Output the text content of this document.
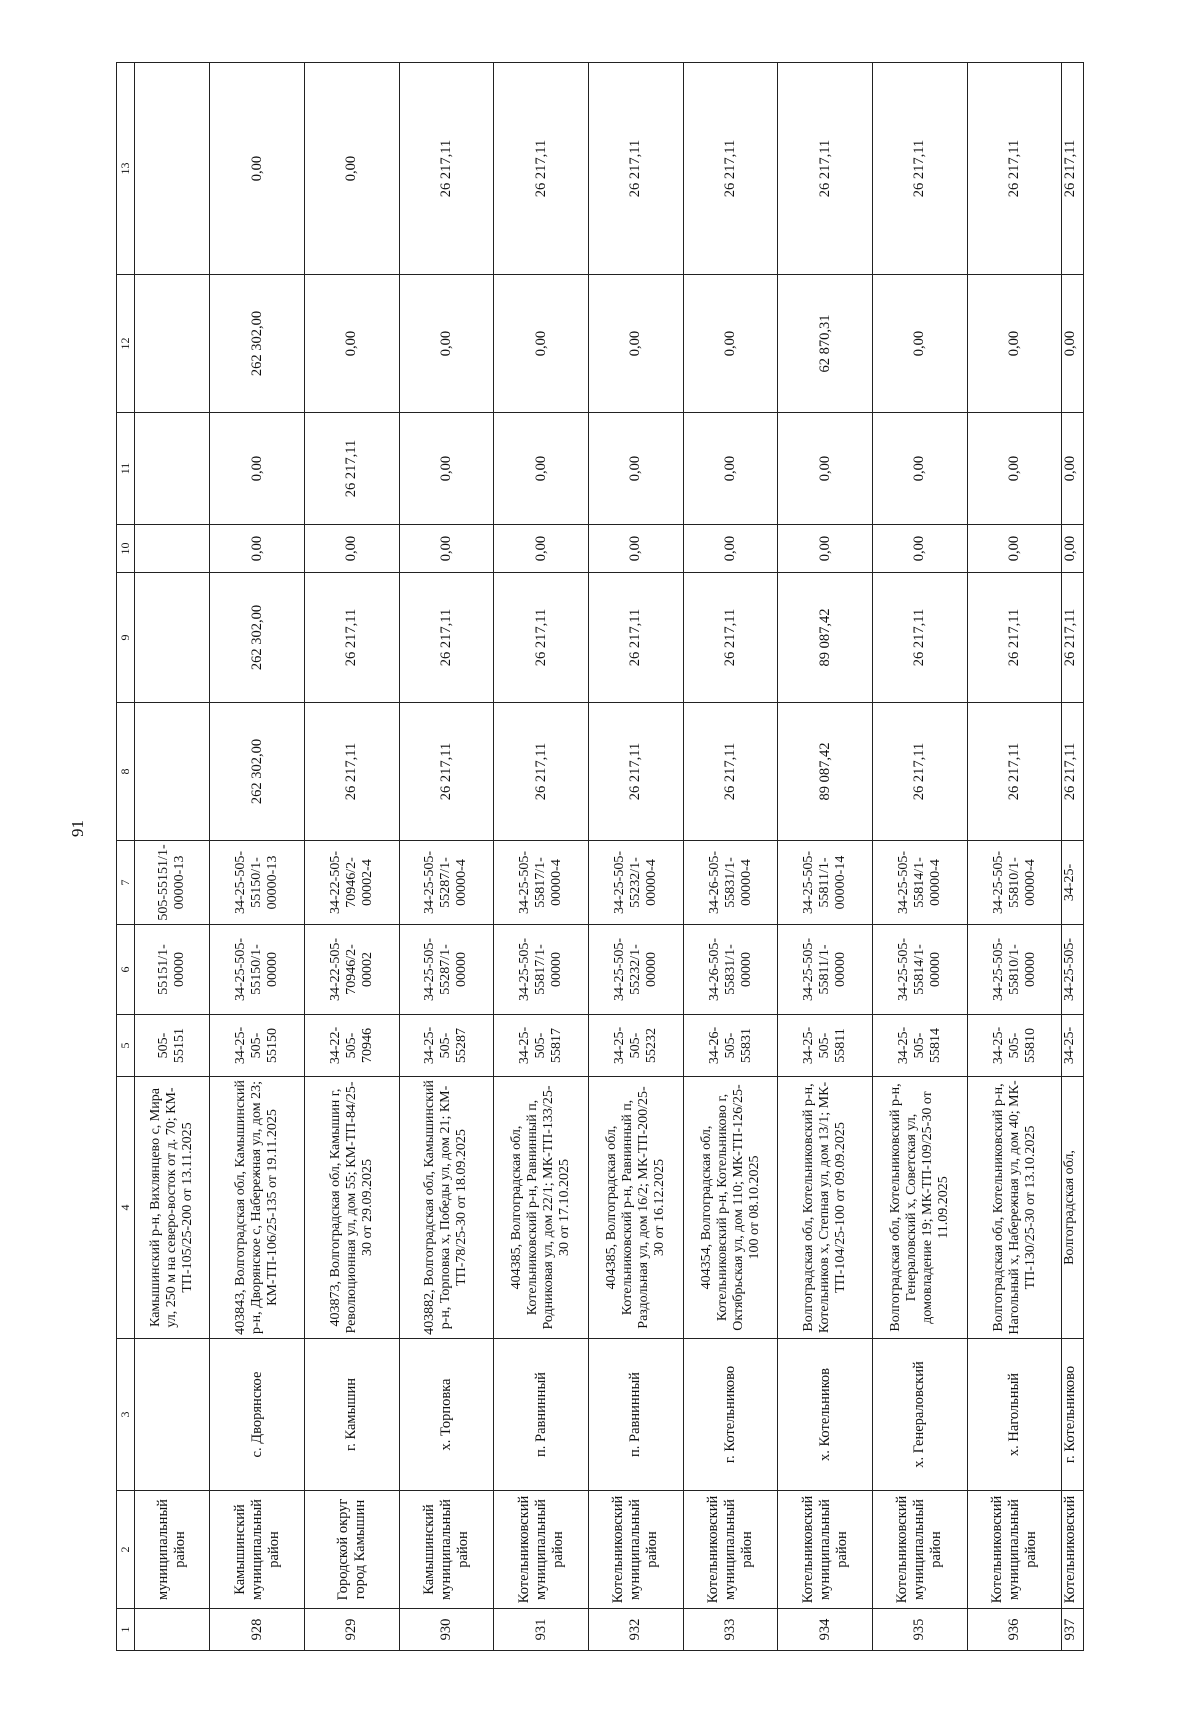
91
1	2	3	4	5	6	7	8	9	10	11	12	13
	муниципальный район		Камышинский р-н, Вихлянцево с, Мира ул, 250 м на северо-восток от д. 70; КМ-ТП-105/25-200 от 13.11.2025	505-55151	55151/1-00000	505-55151/1-00000-13						
928	Камышинский муниципальный район	с. Дворянское	403843, Волгоградская обл, Камышинский р-н, Дворянское с, Набережная ул, дом 23; КМ-ТП-106/25-135 от 19.11.2025	34-25-505-55150	34-25-505-55150/1-00000	34-25-505-55150/1-00000-13	262 302,00	262 302,00	0,00	0,00	262 302,00	0,00
929	Городской округ город Камышин	г. Камышин	403873, Волгоградская обл, Камышин г, Революционная ул, дом 55; КМ-ТП-84/25-30 от 29.09.2025	34-22-505-70946	34-22-505-70946/2-00002	34-22-505-70946/2-00002-4	26 217,11	26 217,11	0,00	26 217,11	0,00	0,00
930	Камышинский муниципальный район	х. Торповка	403882, Волгоградская обл, Камышинский р-н, Торповка х, Победы ул, дом 21; КМ-ТП-78/25-30 от 18.09.2025	34-25-505-55287	34-25-505-55287/1-00000	34-25-505-55287/1-00000-4	26 217,11	26 217,11	0,00	0,00	0,00	26 217,11
931	Котельниковский муниципальный район	п. Равнинный	404385, Волгоградская обл, Котельниковский р-н, Равнинный п, Родниковая ул, дом 22/1; МК-ТП-133/25-30 от 17.10.2025	34-25-505-55817	34-25-505-55817/1-00000	34-25-505-55817/1-00000-4	26 217,11	26 217,11	0,00	0,00	0,00	26 217,11
932	Котельниковский муниципальный район	п. Равнинный	404385, Волгоградская обл, Котельниковский р-н, Равнинный п, Раздольная ул, дом 16/2; МК-ТП-200/25-30 от 16.12.2025	34-25-505-55232	34-25-505-55232/1-00000	34-25-505-55232/1-00000-4	26 217,11	26 217,11	0,00	0,00	0,00	26 217,11
933	Котельниковский муниципальный район	г. Котельниково	404354, Волгоградская обл, Котельниковский р-н, Котельниково г, Октябрьская ул, дом 110; МК-ТП-126/25-100 от 08.10.2025	34-26-505-55831	34-26-505-55831/1-00000	34-26-505-55831/1-00000-4	26 217,11	26 217,11	0,00	0,00	0,00	26 217,11
934	Котельниковский муниципальный район	х. Котельников	Волгоградская обл, Котельниковский р-н, Котельников х, Степная ул, дом 13/1; МК-ТП-104/25-100 от 09.09.2025	34-25-505-55811	34-25-505-55811/1-00000	34-25-505-55811/1-00000-14	89 087,42	89 087,42	0,00	0,00	62 870,31	26 217,11
935	Котельниковский муниципальный район	х. Генераловский	Волгоградская обл, Котельниковский р-н, Генераловский х, Советская ул, домовладение 19; МК-ТП-109/25-30 от 11.09.2025	34-25-505-55814	34-25-505-55814/1-00000	34-25-505-55814/1-00000-4	26 217,11	26 217,11	0,00	0,00	0,00	26 217,11
936	Котельниковский муниципальный район	х. Нагольный	Волгоградская обл, Котельниковский р-н, Нагольный х, Набережная ул, дом 40; МК-ТП-130/25-30 от 13.10.2025	34-25-505-55810	34-25-505-55810/1-00000	34-25-505-55810/1-00000-4	26 217,11	26 217,11	0,00	0,00	0,00	26 217,11
937	Котельниковский	г. Котельниково	Волгоградская обл,	34-25-	34-25-505-	34-25-	26 217,11	26 217,11	0,00	0,00	0,00	26 217,11
